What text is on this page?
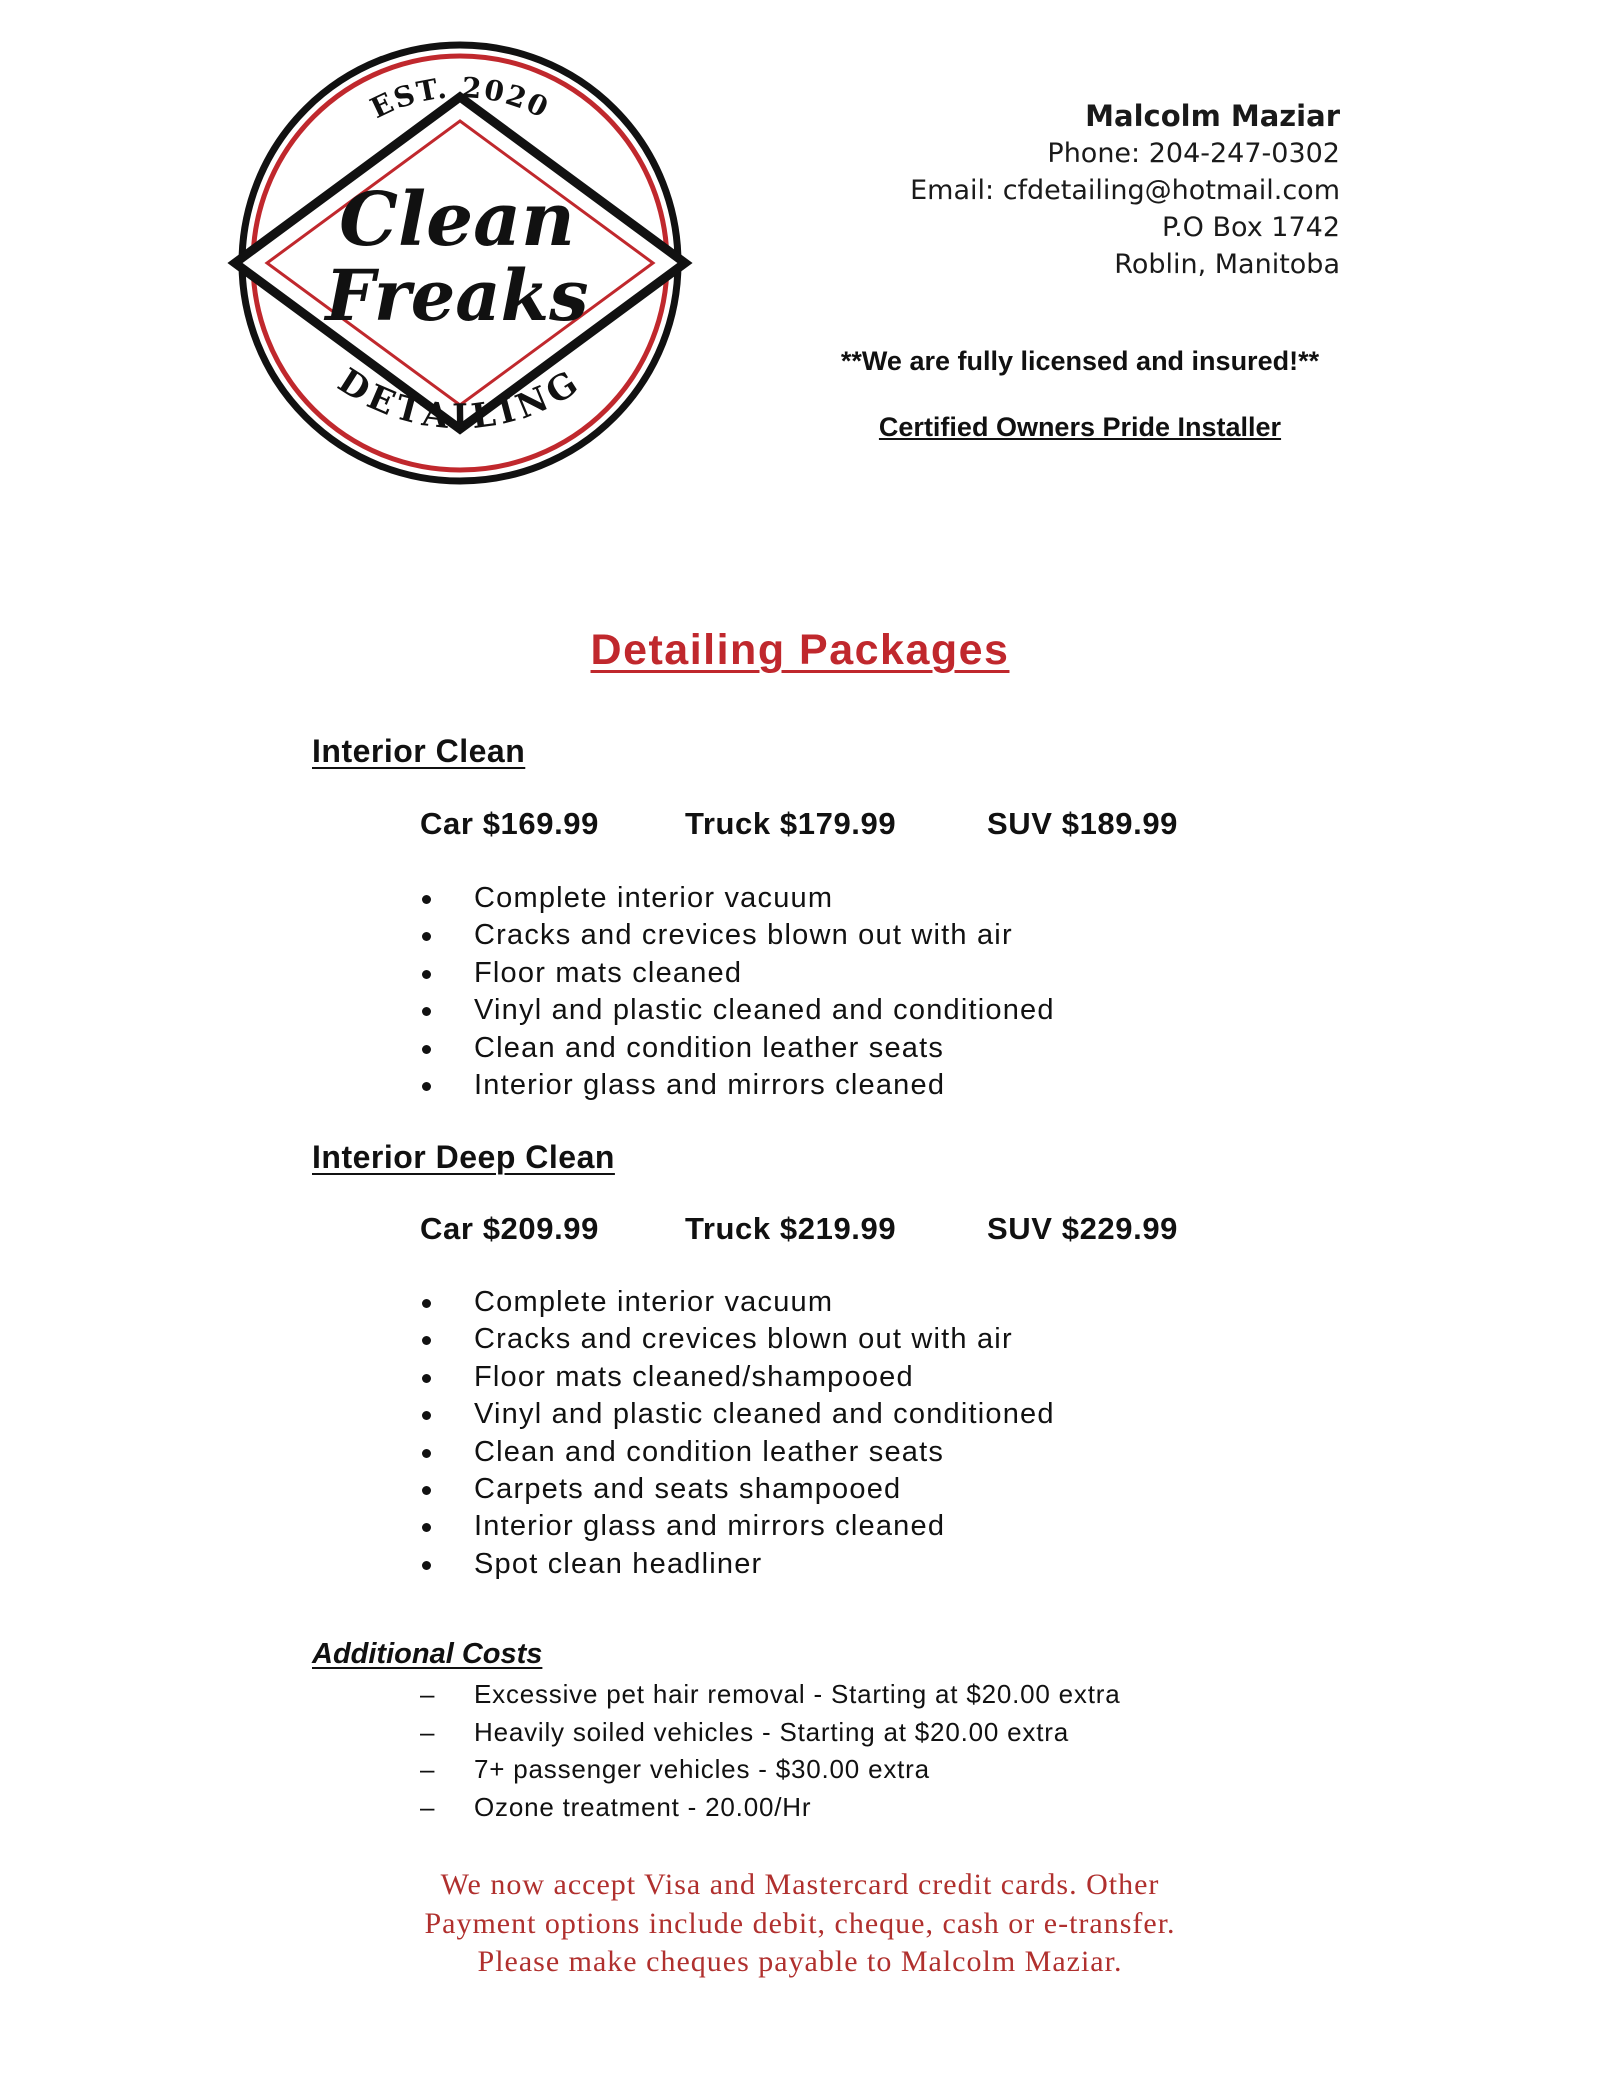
EST. 2020
Clean
Freaks
DETAILING
Malcolm Maziar
Phone: 204-247-0302
Email: cfdetailing@hotmail.com
P.O Box 1742
Roblin, Manitoba
**We are fully licensed and insured!**
Certified Owners Pride Installer
Detailing Packages
Interior Clean
Car $169.99	Truck $179.99	SUV $189.99
Complete interior vacuum
Cracks and crevices blown out with air
Floor mats cleaned
Vinyl and plastic cleaned and conditioned
Clean and condition leather seats
Interior glass and mirrors cleaned
Interior Deep Clean
Car $209.99	Truck $219.99	SUV $229.99
Complete interior vacuum
Cracks and crevices blown out with air
Floor mats cleaned/shampooed
Vinyl and plastic cleaned and conditioned
Clean and condition leather seats
Carpets and seats shampooed
Interior glass and mirrors cleaned
Spot clean headliner
Additional Costs
– Excessive pet hair removal - Starting at $20.00 extra
– Heavily soiled vehicles - Starting at $20.00 extra
– 7+ passenger vehicles - $30.00 extra
– Ozone treatment - 20.00/Hr
We now accept Visa and Mastercard credit cards. Other
Payment options include debit, cheque, cash or e-transfer.
Please make cheques payable to Malcolm Maziar.
